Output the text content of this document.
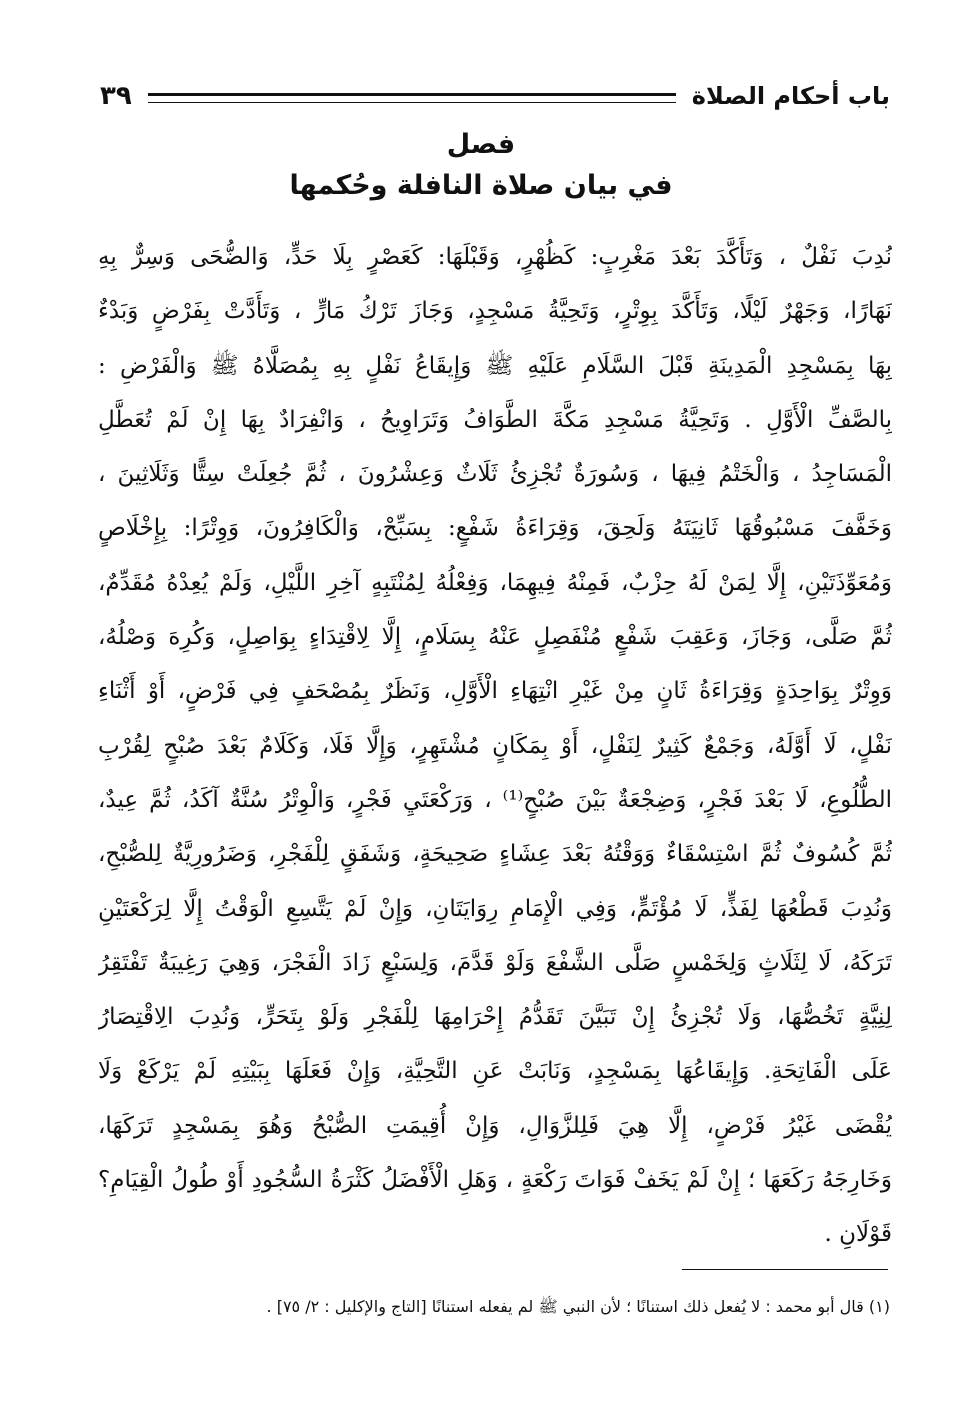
باب أحكام الصلاة
٣٩
فصل
في بيان صلاة النافلة وحُكمها
نُدِبَ نَفْلٌ ، وَتَأَكَّدَ بَعْدَ مَغْرِبٍ: كَظُهْرٍ، وَقَبْلَهَا: كَعَصْرٍ بِلَا حَدٍّ، وَالضُّحَى وَسِرٌّ بِهِ
نَهَارًا، وَجَهْرٌ لَيْلًا، وَتَأَكَّدَ بِوِتْرٍ، وَتَحِيَّةُ مَسْجِدٍ، وَجَازَ تَرْكُ مَارٍّ ، وَتَأَدَّتْ بِفَرْضٍ وَبَدْءٌ
بِهَا بِمَسْجِدِ الْمَدِينَةِ قَبْلَ السَّلَامِ عَلَيْهِ ﷺ وَإِيقَاعُ نَفْلٍ بِهِ بِمُصَلَّاهُ ﷺ وَالْفَرْضِ :
بِالصَّفِّ الْأَوَّلِ . وَتَحِيَّةُ مَسْجِدِ مَكَّةَ الطَّوَافُ وَتَرَاوِيحُ ، وَانْفِرَادٌ بِهَا إِنْ لَمْ تُعَطَّلِ
الْمَسَاجِدُ ، وَالْخَتْمُ فِيهَا ، وَسُورَةٌ تُجْزِئُ ثَلَاثٌ وَعِشْرُونَ ، ثُمَّ جُعِلَتْ سِتًّا وَثَلَاثِينَ ،
وَخَفَّفَ مَسْبُوقُهَا ثَانِيَتَهُ وَلَحِقَ، وَقِرَاءَةُ شَفْعٍ: بِسَبِّحْ، وَالْكَافِرُونَ، وَوِتْرًا: بِإِخْلَاصٍ
وَمُعَوِّذَتَيْنِ، إِلَّا لِمَنْ لَهُ حِزْبٌ، فَمِنْهُ فِيهِمَا، وَفِعْلُهُ لِمُنْتَبِهٍ آخِرِ اللَّيْلِ، وَلَمْ يُعِدْهُ مُقَدِّمٌ،
ثُمَّ صَلَّى، وَجَازَ، وَعَقِبَ شَفْعٍ مُنْفَصِلٍ عَنْهُ بِسَلَامٍ، إِلَّا لِاقْتِدَاءٍ بِوَاصِلٍ، وَكُرِهَ وَصْلُهُ،
وَوِتْرٌ بِوَاحِدَةٍ وَقِرَاءَةُ ثَانٍ مِنْ غَيْرِ انْتِهَاءِ الْأَوَّلِ، وَنَظَرٌ بِمُصْحَفٍ فِي فَرْضٍ، أَوْ أَثْنَاءِ
نَفْلٍ، لَا أَوَّلَهُ، وَجَمْعٌ كَثِيرٌ لِنَفْلٍ، أَوْ بِمَكَانٍ مُشْتَهِرٍ، وَإِلَّا فَلَا، وَكَلَامٌ بَعْدَ صُبْحٍ لِقُرْبِ
الطُّلُوعِ، لَا بَعْدَ فَجْرٍ، وَضِجْعَةٌ بَيْنَ صُبْحٍ⁽¹⁾ ، وَرَكْعَتَيِ فَجْرٍ، وَالْوِتْرُ سُنَّةٌ آكَدُ، ثُمَّ عِيدٌ،
ثُمَّ كُسُوفٌ ثُمَّ اسْتِسْقَاءٌ وَوَقْتُهُ بَعْدَ عِشَاءٍ صَحِيحَةٍ، وَشَفَقٍ لِلْفَجْرِ، وَضَرُورِيَّةٌ لِلصُّبْحِ،
وَنُدِبَ قَطْعُهَا لِفَذٍّ، لَا مُؤْتَمٍّ، وَفِي الْإِمَامِ رِوَايَتَانِ، وَإِنْ لَمْ يَتَّسِعِ الْوَقْتُ إِلَّا لِرَكْعَتَيْنِ
تَرَكَهُ، لَا لِثَلَاثٍ وَلِخَمْسٍ صَلَّى الشَّفْعَ وَلَوْ قَدَّمَ، وَلِسَبْعٍ زَادَ الْفَجْرَ، وَهِيَ رَغِيبَةٌ تَفْتَقِرُ
لِنِيَّةٍ تَخُصُّهَا، وَلَا تُجْزِئُ إِنْ تَبَيَّنَ تَقَدُّمُ إِحْرَامِهَا لِلْفَجْرِ وَلَوْ بِتَحَرٍّ، وَنُدِبَ الِاقْتِصَارُ
عَلَى الْفَاتِحَةِ. وَإِيقَاعُهَا بِمَسْجِدٍ، وَنَابَتْ عَنِ التَّحِيَّةِ، وَإِنْ فَعَلَهَا بِبَيْتِهِ لَمْ يَرْكَعْ وَلَا
يُقْضَى غَيْرُ فَرْضٍ، إِلَّا هِيَ فَلِلزَّوَالِ، وَإِنْ أُقِيمَتِ الصُّبْحُ وَهُوَ بِمَسْجِدٍ تَرَكَهَا،
وَخَارِجَهُ رَكَعَهَا ؛ إِنْ لَمْ يَخَفْ فَوَاتَ رَكْعَةٍ ، وَهَلِ الْأَفْضَلُ كَثْرَةُ السُّجُودِ أَوْ طُولُ الْقِيَامِ؟
قَوْلَانِ .
(١) قال أبو محمد : لا يُفعل ذلك استنانًا ؛ لأن النبي ﷺ لم يفعله استنانًا [التاج والإكليل : ٢/ ٧٥] .
